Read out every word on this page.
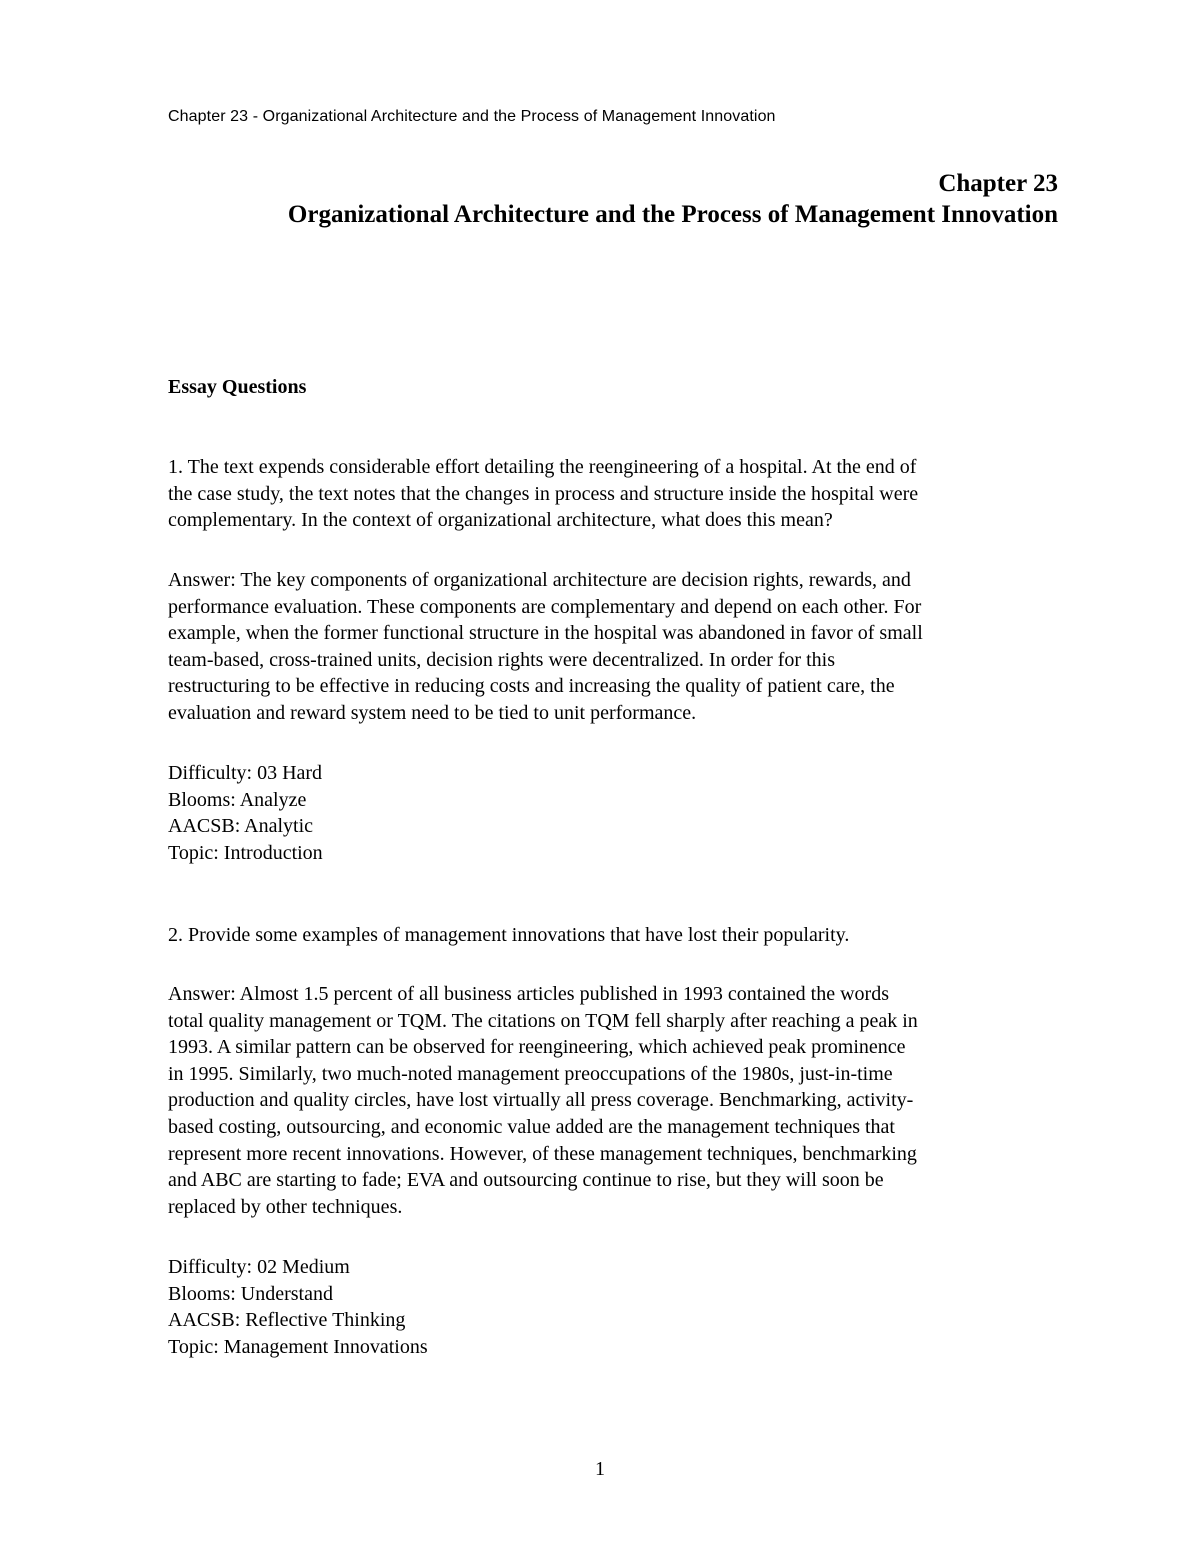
Chapter 23 - Organizational Architecture and the Process of Management Innovation
Chapter 23
Organizational Architecture and the Process of Management Innovation
Essay Questions
1. The text expends considerable effort detailing the reengineering of a hospital. At the end of
the case study, the text notes that the changes in process and structure inside the hospital were
complementary. In the context of organizational architecture, what does this mean?
Answer: The key components of organizational architecture are decision rights, rewards, and
performance evaluation. These components are complementary and depend on each other. For
example, when the former functional structure in the hospital was abandoned in favor of small
team-based, cross-trained units, decision rights were decentralized. In order for this
restructuring to be effective in reducing costs and increasing the quality of patient care, the
evaluation and reward system need to be tied to unit performance.
Difficulty: 03 Hard
Blooms: Analyze
AACSB: Analytic
Topic: Introduction
2. Provide some examples of management innovations that have lost their popularity.
Answer: Almost 1.5 percent of all business articles published in 1993 contained the words
total quality management or TQM. The citations on TQM fell sharply after reaching a peak in
1993. A similar pattern can be observed for reengineering, which achieved peak prominence
in 1995. Similarly, two much-noted management preoccupations of the 1980s, just-in-time
production and quality circles, have lost virtually all press coverage. Benchmarking, activity-
based costing, outsourcing, and economic value added are the management techniques that
represent more recent innovations. However, of these management techniques, benchmarking
and ABC are starting to fade; EVA and outsourcing continue to rise, but they will soon be
replaced by other techniques.
Difficulty: 02 Medium
Blooms: Understand
AACSB: Reflective Thinking
Topic: Management Innovations
1
